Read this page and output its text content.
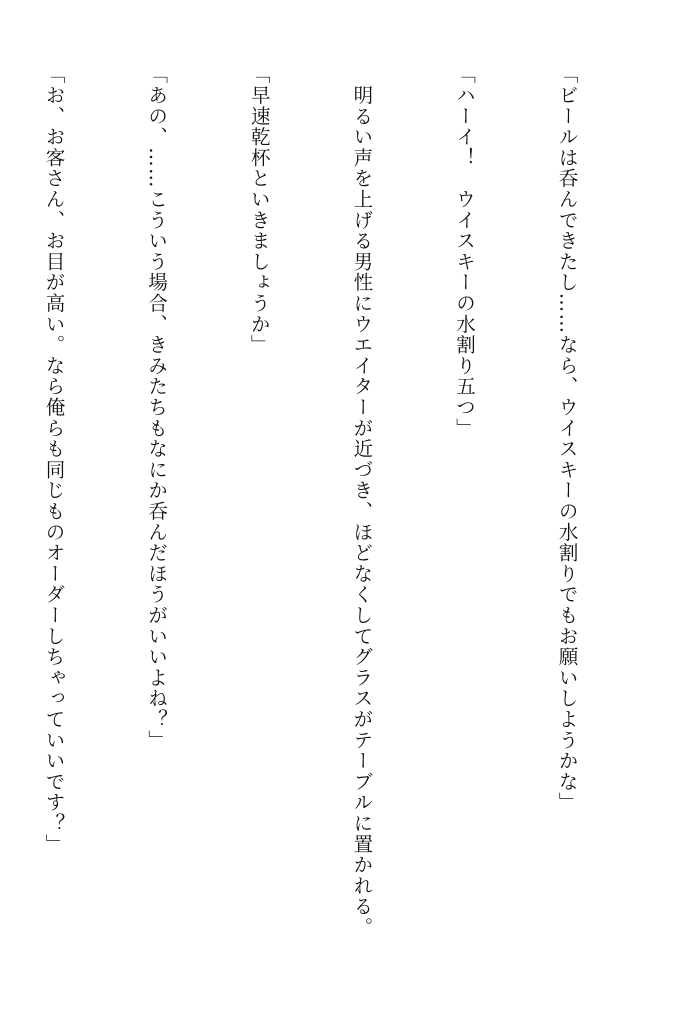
「ビールは呑んできたし……なら、ウイスキーの水割りでもお願いしようかな」

「ハーイ！　ウイスキーの水割り五つ」

　明るい声を上げる男性にウエイターが近づき、ほどなくしてグラスがテーブルに置かれる。

「早速乾杯といきましょうか」

「あの、……こういう場合、きみたちもなにか呑んだほうがいいよね？」

「お、お客さん、お目が高い。なら俺らも同じものオーダーしちゃっていいです？」
